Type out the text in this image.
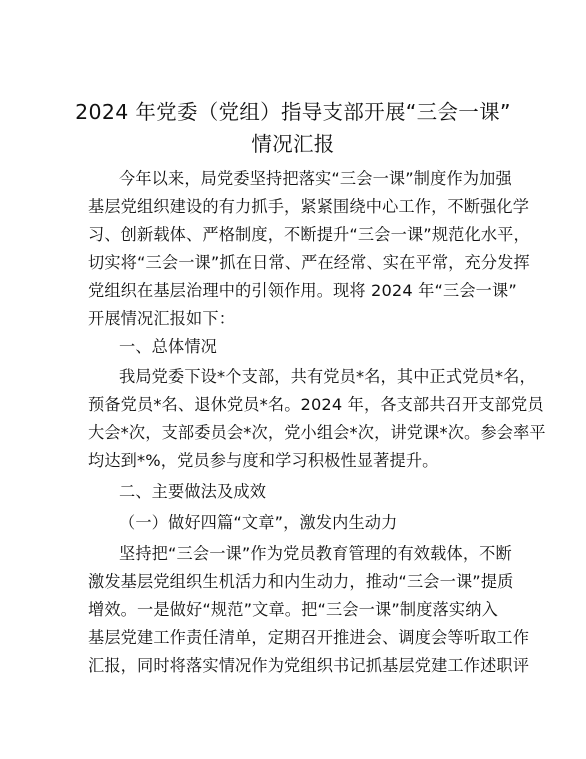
2024 年党委（党组）指导支部开展“三会一课”
情况汇报
今年以来，局党委坚持把落实“三会一课”制度作为加强
基层党组织建设的有力抓手，紧紧围绕中心工作，不断强化学
习、创新载体、严格制度，不断提升“三会一课”规范化水平，
切实将“三会一课”抓在日常、严在经常、实在平常，充分发挥
党组织在基层治理中的引领作用。现将 2024 年“三会一课”
开展情况汇报如下：
一、总体情况
我局党委下设*个支部，共有党员*名，其中正式党员*名，
预备党员*名、退休党员*名。2024 年，各支部共召开支部党员
大会*次，支部委员会*次，党小组会*次，讲党课*次。参会率平
均达到*%，党员参与度和学习积极性显著提升。
二、主要做法及成效
（一）做好四篇“文章”，激发内生动力
坚持把“三会一课”作为党员教育管理的有效载体，不断
激发基层党组织生机活力和内生动力，推动“三会一课”提质
增效。一是做好“规范”文章。把“三会一课”制度落实纳入
基层党建工作责任清单，定期召开推进会、调度会等听取工作
汇报，同时将落实情况作为党组织书记抓基层党建工作述职评
